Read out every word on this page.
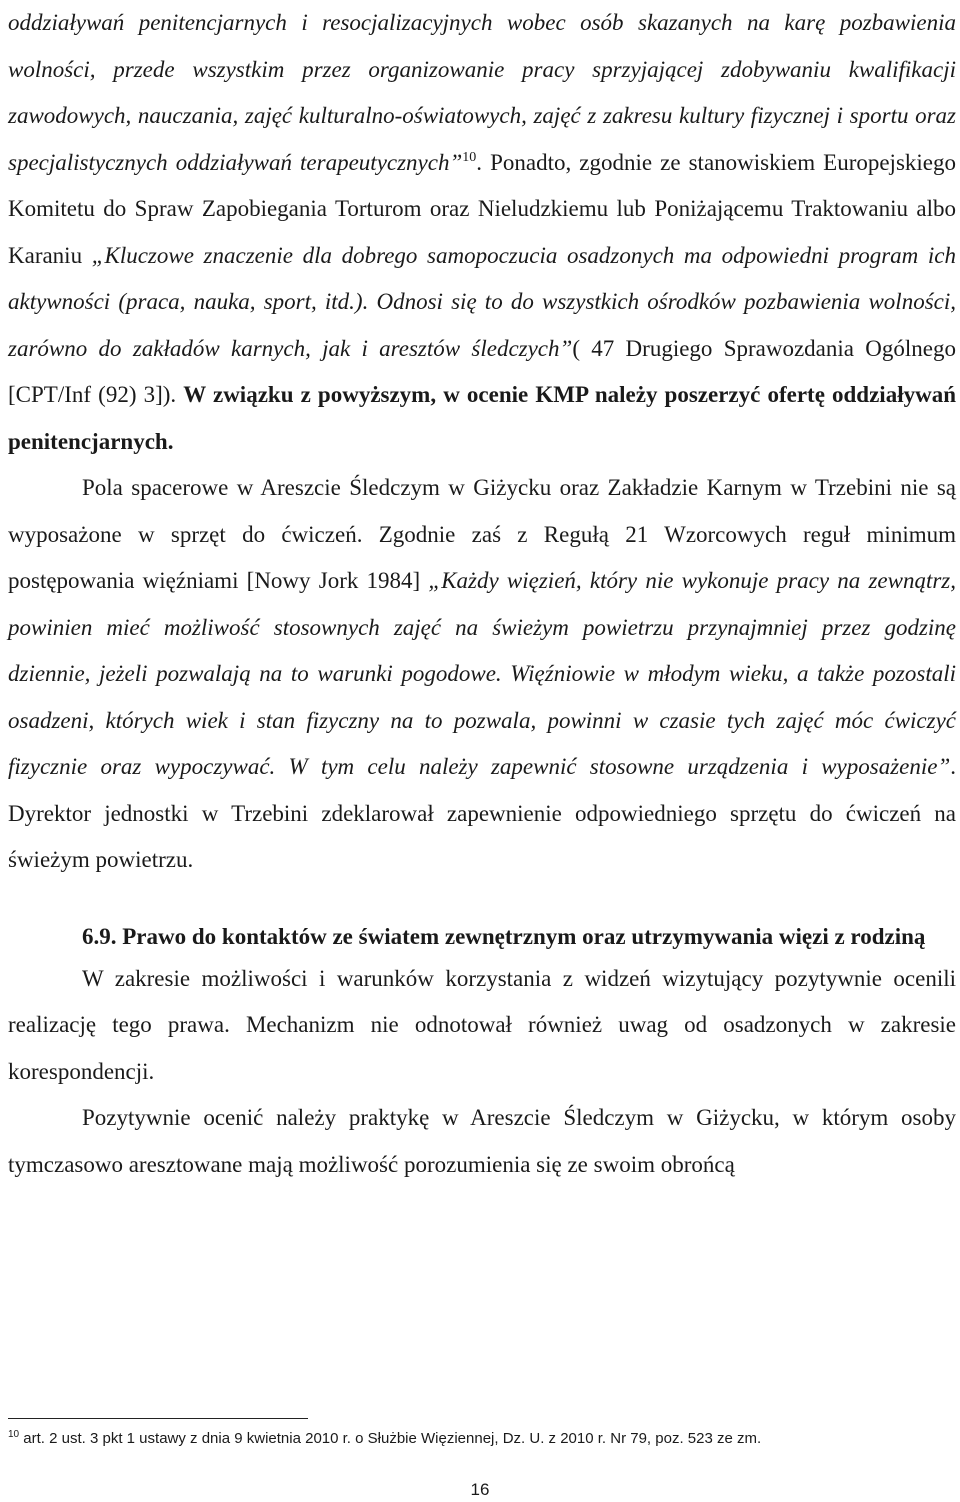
oddziaływań penitencjarnych i resocjalizacyjnych wobec osób skazanych na karę pozbawienia wolności, przede wszystkim przez organizowanie pracy sprzyjającej zdobywaniu kwalifikacji zawodowych, nauczania, zajęć kulturalno-oświatowych, zajęć z zakresu kultury fizycznej i sportu oraz specjalistycznych oddziaływań terapeutycznych”$^{10}$. Ponadto, zgodnie ze stanowiskiem Europejskiego Komitetu do Spraw Zapobiegania Torturom oraz Nieludzkiemu lub Poniżającemu Traktowaniu albo Karaniu „Kluczowe znaczenie dla dobrego samopoczucia osadzonych ma odpowiedni program ich aktywności (praca, nauka, sport, itd.). Odnosi się to do wszystkich ośrodków pozbawienia wolności, zarówno do zakładów karnych, jak i aresztów śledczych”( 47 Drugiego Sprawozdania Ogólnego [CPT/Inf (92) 3]). W związku z powyższym, w ocenie KMP należy poszerzyć ofertę oddziaływań penitencjarnych.

Pola spacerowe w Areszcie Śledczym w Giżycku oraz Zakładzie Karnym w Trzebini nie są wyposażone w sprzęt do ćwiczeń. Zgodnie zaś z Regułą 21 Wzorcowych reguł minimum postępowania więźniami [Nowy Jork 1984] „Każdy więzień, który nie wykonuje pracy na zewnątrz, powinien mieć możliwość stosownych zajęć na świeżym powietrzu przynajmniej przez godzinę dziennie, jeżeli pozwalają na to warunki pogodowe. Więźniowie w młodym wieku, a także pozostali osadzeni, których wiek i stan fizyczny na to pozwala, powinni w czasie tych zajęć móc ćwiczyć fizycznie oraz wypoczywać. W tym celu należy zapewnić stosowne urządzenia i wyposażenie”. Dyrektor jednostki w Trzebini zdeklarował zapewnienie odpowiedniego sprzętu do ćwiczeń na świeżym powietrzu.

6.9. Prawo do kontaktów ze światem zewnętrznym oraz utrzymywania więzi z rodziną

W zakresie możliwości i warunków korzystania z widzeń wizytujący pozytywnie ocenili realizację tego prawa. Mechanizm nie odnotował również uwag od osadzonych w zakresie korespondencji.

Pozytywnie ocenić należy praktykę w Areszcie Śledczym w Giżycku, w którym osoby tymczasowo aresztowane mają możliwość porozumienia się ze swoim obrońcą

$^{10}$ art. 2 ust. 3 pkt 1 ustawy z dnia 9 kwietnia 2010 r. o Służbie Więziennej, Dz. U. z 2010 r. Nr 79, poz. 523 ze zm.
16
